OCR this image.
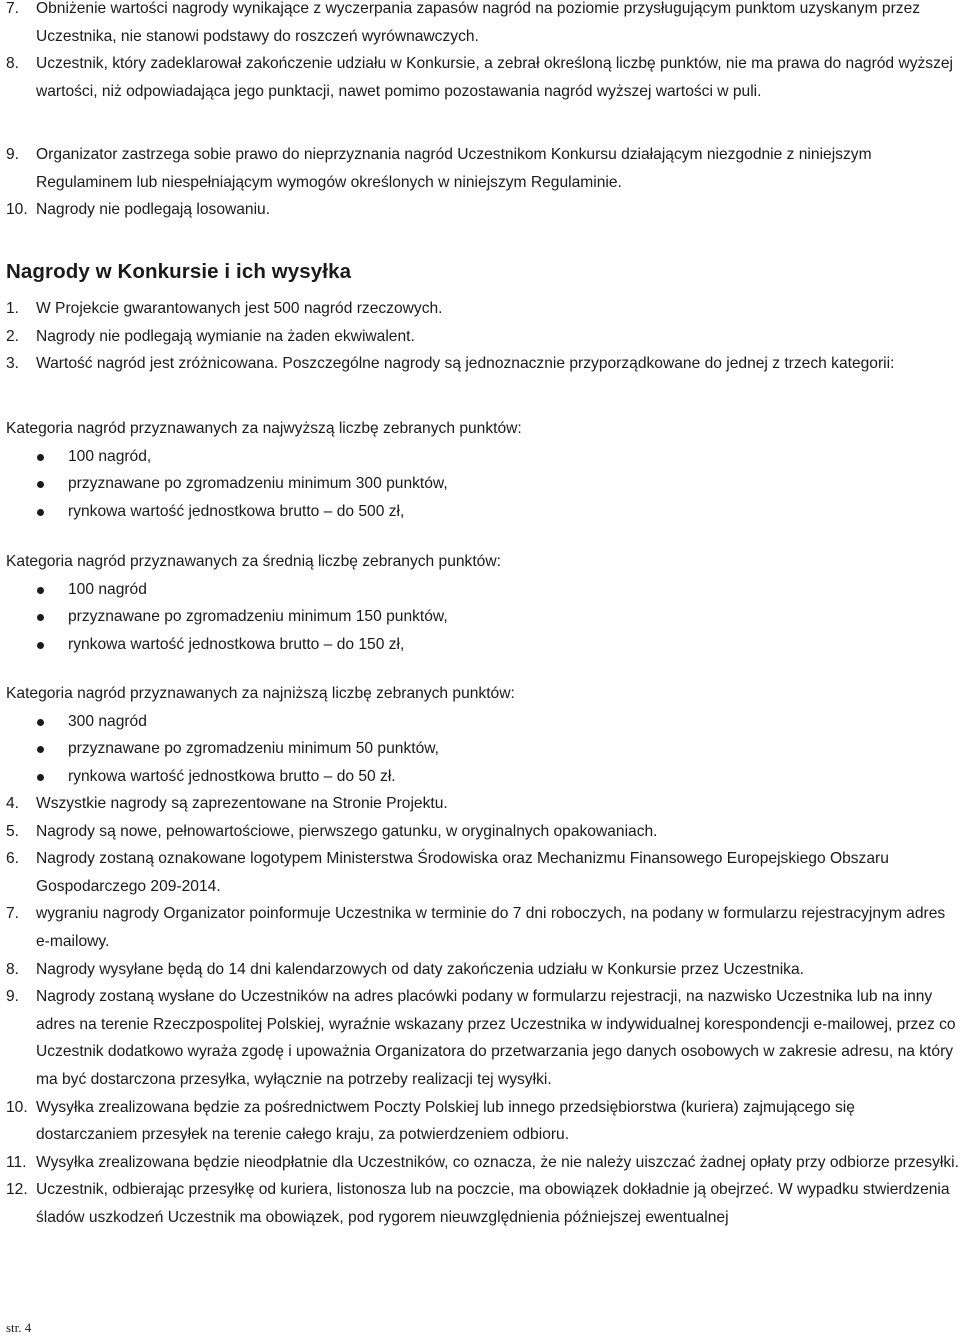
7. Obniżenie wartości nagrody wynikające z wyczerpania zapasów nagród na poziomie przysługującym punktom uzyskanym przez Uczestnika, nie stanowi podstawy do roszczeń wyrównawczych.
8. Uczestnik, który zadeklarował zakończenie udziału w Konkursie, a zebrał określoną liczbę punktów, nie ma prawa do nagród wyższej wartości, niż odpowiadająca jego punktacji, nawet pomimo pozostawania nagród wyższej wartości w puli.
9. Organizator zastrzega sobie prawo do nieprzyznania nagród Uczestnikom Konkursu działającym niezgodnie z niniejszym Regulaminem lub niespełniającym wymogów określonych w niniejszym Regulaminie.
10. Nagrody nie podlegają losowaniu.
Nagrody w Konkursie i ich wysyłka
1. W Projekcie gwarantowanych jest 500 nagród rzeczowych.
2. Nagrody nie podlegają wymianie na żaden ekwiwalent.
3. Wartość nagród jest zróżnicowana. Poszczególne nagrody są jednoznacznie przyporządkowane do jednej z trzech kategorii:
Kategoria nagród przyznawanych za najwyższą liczbę zebranych punktów:
100 nagród,
przyznawane po zgromadzeniu minimum 300 punktów,
rynkowa wartość jednostkowa brutto – do 500 zł,
Kategoria nagród przyznawanych za średnią liczbę zebranych punktów:
100 nagród
przyznawane po zgromadzeniu minimum 150 punktów,
rynkowa wartość jednostkowa brutto – do 150 zł,
Kategoria nagród przyznawanych za najniższą liczbę zebranych punktów:
300 nagród
przyznawane po zgromadzeniu minimum 50 punktów,
rynkowa wartość jednostkowa brutto – do 50 zł.
4. Wszystkie nagrody są zaprezentowane na Stronie Projektu.
5. Nagrody są nowe, pełnowartościowe, pierwszego gatunku, w oryginalnych opakowaniach.
6. Nagrody zostaną oznakowane logotypem Ministerstwa Środowiska oraz Mechanizmu Finansowego Europejskiego Obszaru Gospodarczego 209-2014.
7. wygraniu nagrody Organizator poinformuje Uczestnika w terminie do 7 dni roboczych, na podany w formularzu rejestracyjnym adres e-mailowy.
8. Nagrody wysyłane będą do 14 dni kalendarzowych od daty zakończenia udziału w Konkursie przez Uczestnika.
9. Nagrody zostaną wysłane do Uczestników na adres placówki podany w formularzu rejestracji, na nazwisko Uczestnika lub na inny adres na terenie Rzeczpospolitej Polskiej, wyraźnie wskazany przez Uczestnika w indywidualnej korespondencji e-mailowej, przez co Uczestnik dodatkowo wyraża zgodę i upoważnia Organizatora do przetwarzania jego danych osobowych w zakresie adresu, na który ma być dostarczona przesyłka, wyłącznie na potrzeby realizacji tej wysyłki.
10. Wysyłka zrealizowana będzie za pośrednictwem Poczty Polskiej lub innego przedsiębiorstwa (kuriera) zajmującego się dostarczaniem przesyłek na terenie całego kraju, za potwierdzeniem odbioru.
11. Wysyłka zrealizowana będzie nieodpłatnie dla Uczestników, co oznacza, że nie należy uiszczać żadnej opłaty przy odbiorze przesyłki.
12. Uczestnik, odbierając przesyłkę od kuriera, listonosza lub na poczcie, ma obowiązek dokładnie ją obejrzeć. W wypadku stwierdzenia śladów uszkodzeń Uczestnik ma obowiązek, pod rygorem nieuwzględnienia późniejszej ewentualnej
str. 4
